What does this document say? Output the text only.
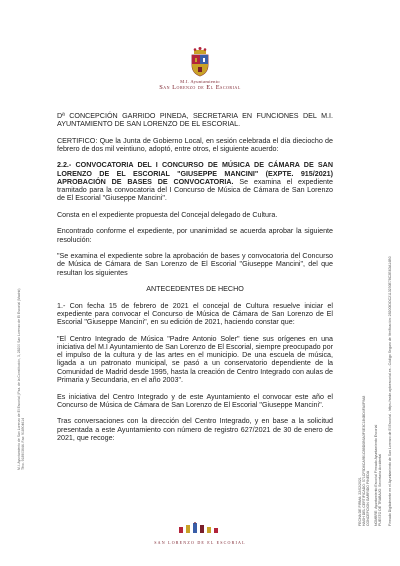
M.I. Ayuntamiento
San Lorenzo de El Escorial
M.I. Ayuntamiento de San Lorenzo de El Escorial | Pza. de la Constitución, 3, 28200 San Lorenzo de El Escorial (Madrid) Tfno. 918903644. Fax: 918904614

Dª CONCEPCIÓN GARRIDO PINEDA, SECRETARIA EN FUNCIONES DEL M.I. AYUNTAMIENTO DE SAN LORENZO DE EL ESCORIAL.

CERTIFICO: Que la Junta de Gobierno Local, en sesión celebrada el día dieciocho de febrero de dos mil veintiuno, adoptó, entre otros, el siguiente acuerdo:

2.2.- CONVOCATORIA DEL I CONCURSO DE MÚSICA DE CÁMARA DE SAN LORENZO DE EL ESCORIAL "GIUSEPPE MANCINI" (EXPTE. 915/2021) APROBACIÓN DE BASES DE CONVOCATORIA. Se examina el expediente tramitado para la convocatoria del I Concurso de Música de Cámara de San Lorenzo de El Escorial "Giuseppe Mancini".

Consta en el expediente propuesta del Concejal delegado de Cultura.

Encontrado conforme el expediente, por unanimidad se acuerda aprobar la siguiente resolución:

"Se examina el expediente sobre la aprobación de bases y convocatoria del Concurso de Música de Cámara de San Lorenzo de El Escorial "Giuseppe Mancini", del que resultan los siguientes

ANTECEDENTES DE HECHO

1.- Con fecha 15 de febrero de 2021 el concejal de Cultura resuelve iniciar el expediente para convocar el Concurso de Música de Cámara de San Lorenzo de El Escorial "Giuseppe Mancini", en su edición de 2021, haciendo constar que:

"El Centro Integrado de Música "Padre Antonio Soler" tiene sus orígenes en una iniciativa del M.I Ayuntamiento de San Lorenzo de El Escorial, siempre preocupado por el impulso de la cultura y de las artes en el municipio. De una escuela de música, ligada a un patronato municipal, se pasó a un conservatorio dependiente de la Comunidad de Madrid desde 1995, hasta la creación de Centro Integrado con aulas de Primaria y Secundaria, en el año 2003".

Es iniciativa del Centro Integrado y de este Ayuntamiento el convocar este año el Concurso de Música de Cámara de San Lorenzo de El Escorial "Giuseppe Mancini".

Tras conversaciones con la dirección del Centro Integrado, y en base a la solicitud presentada a este Ayuntamiento con número de registro 627/2021 de 30 de enero de 2021, que recoge:	Firmado Digitalmente en el Ayuntamiento de San Lorenzo de El Escorial - https://sede.aytoescorial.es - Código Seguro de Verificación: 28200IDOC2113230E78C2E4DA14B0
NOMBRE: Ayuntamiento Escorial Firmado Ayuntamiento Escorial PUESTO DE TRABAJO: Secretaria Accidental
FECHA DE FIRMA: 22/02/2021 HASH DEL CERTIFICADO: 571CF5D6CA9B1C8BD0B6A3F0E3C1B4BD4FA0F9A8 CONCEPCION GARRIDO PINEDA
SAN LORENZO DE EL ESCORIAL
